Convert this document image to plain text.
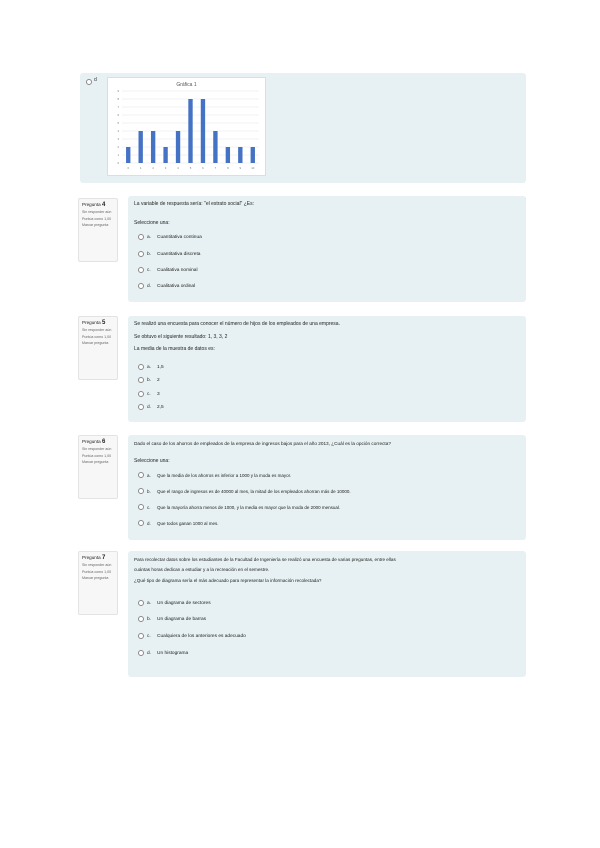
d
Gráfica 1
0
1
2
3
4
5
6
7
8
9
0	1	2	3	4	5	6	7	8	9	10
Pregunta 4
Sin responder aún
Puntúa como 1,00
Marcar pregunta
La variable de respuesta sería: "el estrato social" ¿Es:
Seleccione una:
a.	Cuantitativa continua
b.	Cuantitativa discreta
c.	Cualitativa nominal
d.	Cualitativa ordinal
Pregunta 5
Sin responder aún
Puntúa como 1,00
Marcar pregunta
Se realizó una encuesta para conocer el número de hijos de los empleados de una empresa.
Se obtuvo el siguiente resultado: 1, 3, 3, 2
La media de la muestra de datos es:
a.	1,5
b.	2
c.	3
d.	2,5
Pregunta 6
Sin responder aún
Puntúa como 1,00
Marcar pregunta
Dado el caso de los ahorros de empleados de la empresa de ingresos bajos para el año 2013, ¿Cuál es la opción correcta?
Seleccione una:
a.	Que la media de los ahorros es inferior a 1000 y la moda es mayor.
b.	Que el rango de ingresos es de 40000 al mes, la mitad de los empleados ahorran más de 10000.
c.	Que la mayoría ahorra menos de 1000, y la media es mayor que la moda de 2000 mensual.
d.	Que todos ganan 1000 al mes.
Pregunta 7
Sin responder aún
Puntúa como 1,00
Marcar pregunta
Para recolectar datos sobre los estudiantes de la Facultad de Ingeniería se realizó una encuesta de varias preguntas, entre ellas
cuántas horas dedican a estudiar y a la recreación en el semestre.
¿Qué tipo de diagrama sería el más adecuado para representar la información recolectada?
a.	Un diagrama de sectores
b.	Un diagrama de barras
c.	Cualquiera de los anteriores es adecuado
d.	Un histograma
